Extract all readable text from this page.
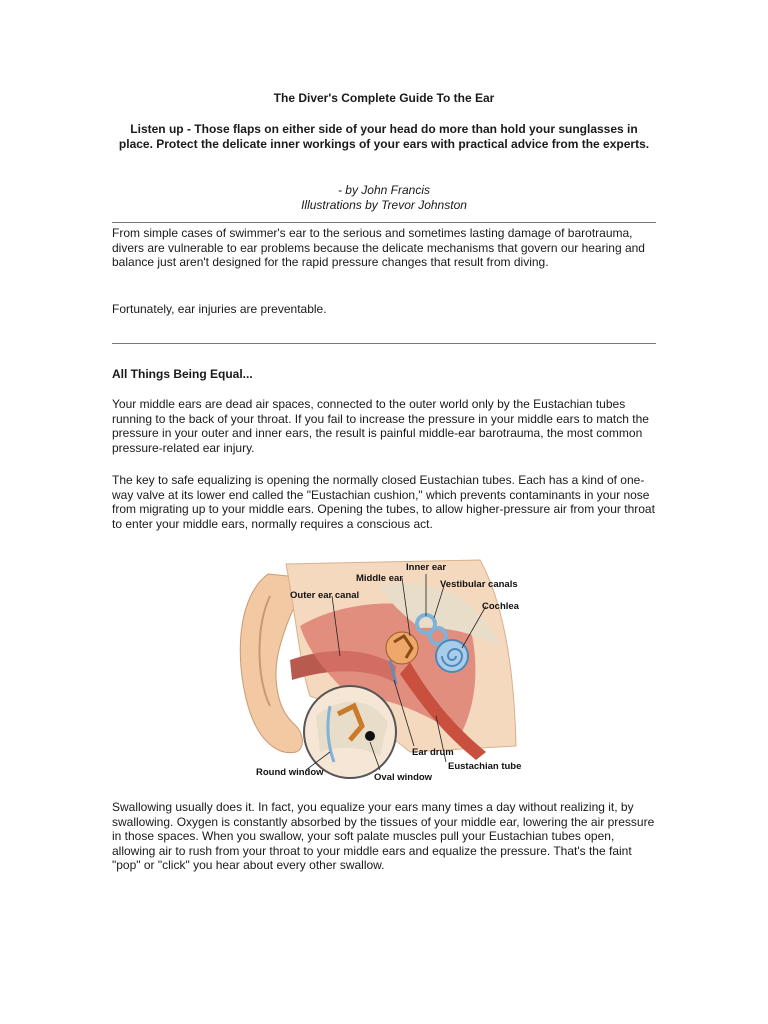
The Diver's Complete Guide To the Ear
Listen up - Those flaps on either side of your head do more than hold your sunglasses in place. Protect the delicate inner workings of your ears with practical advice from the experts.
- by John Francis
Illustrations by Trevor Johnston

From simple cases of swimmer's ear to the serious and sometimes lasting damage of barotrauma, divers are vulnerable to ear problems because the delicate mechanisms that govern our hearing and balance just aren't designed for the rapid pressure changes that result from diving.

Fortunately, ear injuries are preventable.

All Things Being Equal...

Your middle ears are dead air spaces, connected to the outer world only by the Eustachian tubes running to the back of your throat. If you fail to increase the pressure in your middle ears to match the pressure in your outer and inner ears, the result is painful middle-ear barotrauma, the most common pressure-related ear injury.

The key to safe equalizing is opening the normally closed Eustachian tubes. Each has a kind of one-way valve at its lower end called the "Eustachian cushion," which prevents contaminants in your nose from migrating up to your middle ears. Opening the tubes, to allow higher-pressure air from your throat to enter your middle ears, normally requires a conscious act.

Inner ear
Middle ear
Vestibular canals
Outer ear canal
Cochlea
Ear drum
Eustachian tube
Round window	Oval window

Swallowing usually does it. In fact, you equalize your ears many times a day without realizing it, by swallowing. Oxygen is constantly absorbed by the tissues of your middle ear, lowering the air pressure in those spaces. When you swallow, your soft palate muscles pull your Eustachian tubes open, allowing air to rush from your throat to your middle ears and equalize the pressure. That's the faint "pop" or "click" you hear about every other swallow.
